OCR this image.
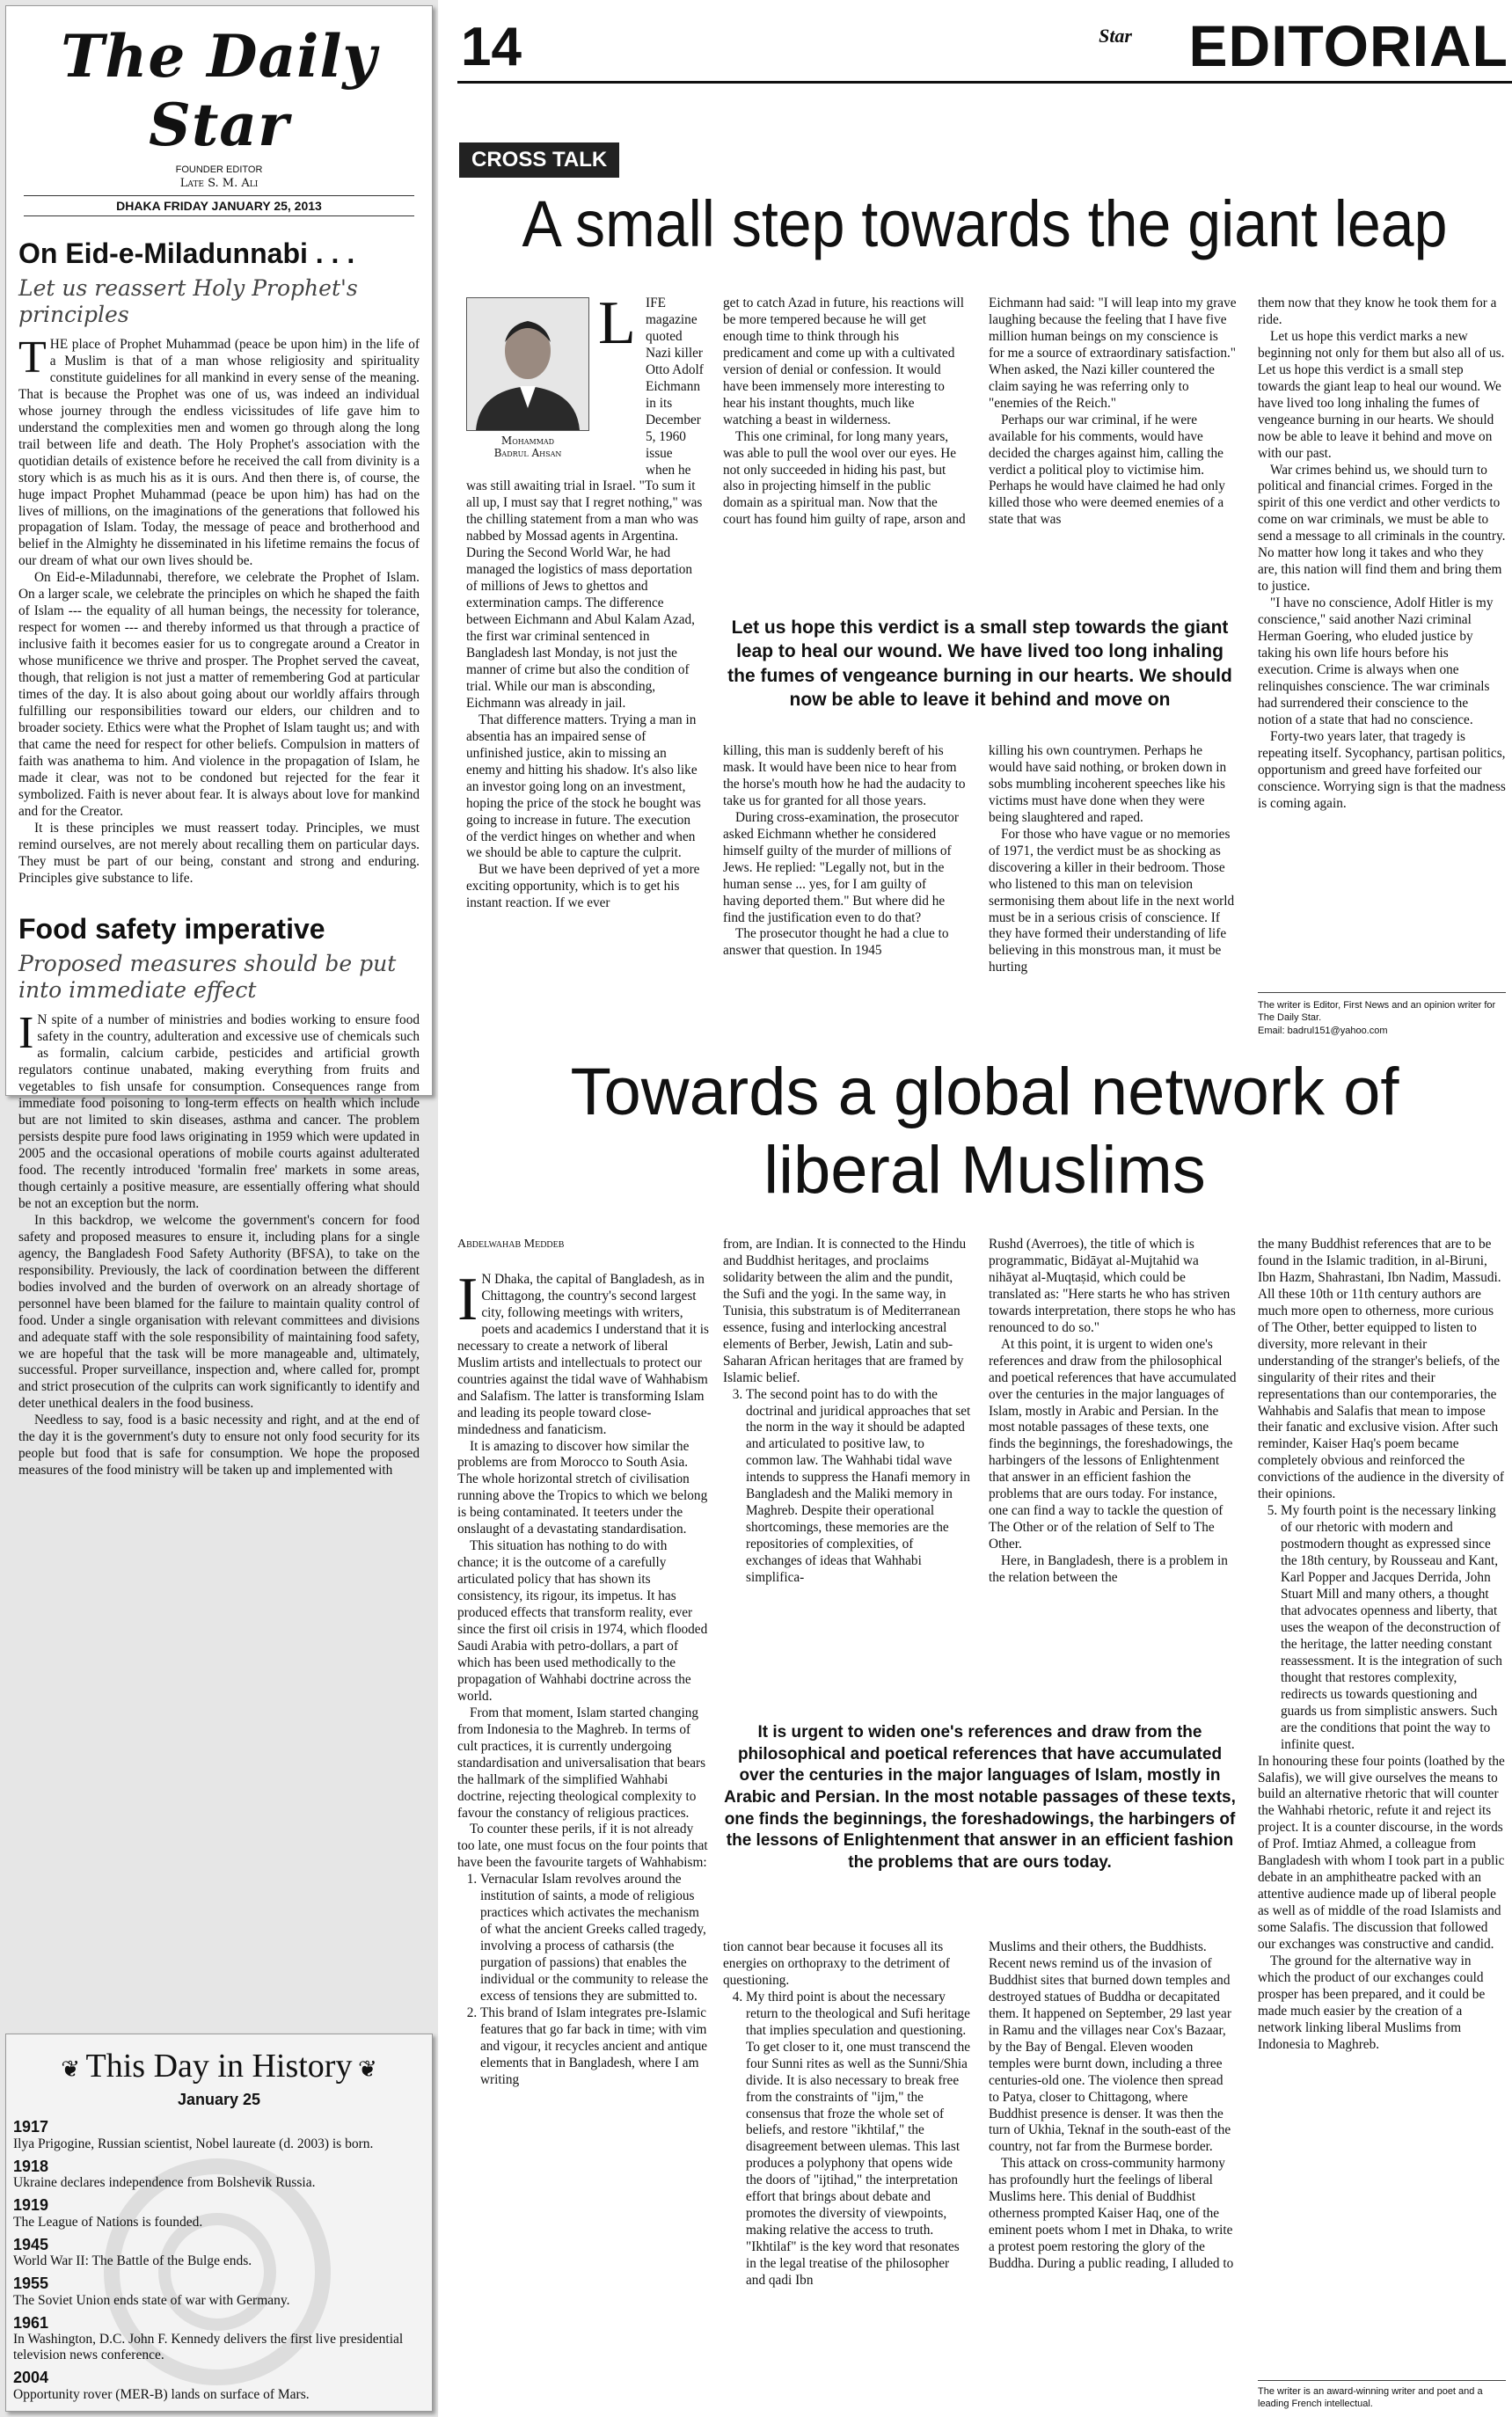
The Daily Star
FOUNDER EDITOR
Late S. M. Ali
DHAKA FRIDAY JANUARY 25, 2013
On Eid-e-Miladunnabi . . .
Let us reassert Holy Prophet's principles
T HE place of Prophet Muhammad (peace be upon him) in the life of a Muslim is that of a man whose religiosity and spirituality constitute guidelines for all mankind in every sense of the meaning. That is because the Prophet was one of us, was indeed an individual whose journey through the endless vicissitudes of life gave him to understand the complexities men and women go through along the long trail between life and death. The Holy Prophet's association with the quotidian details of existence before he received the call from divinity is a story which is as much his as it is ours. And then there is, of course, the huge impact Prophet Muhammad (peace be upon him) has had on the lives of millions, on the imaginations of the generations that followed his propagation of Islam. Today, the message of peace and brotherhood and belief in the Almighty he disseminated in his lifetime remains the focus of our dream of what our own lives should be.

On Eid-e-Miladunnabi, therefore, we celebrate the Prophet of Islam. On a larger scale, we celebrate the principles on which he shaped the faith of Islam --- the equality of all human beings, the necessity for tolerance, respect for women --- and thereby informed us that through a practice of inclusive faith it becomes easier for us to congregate around a Creator in whose munificence we thrive and prosper. The Prophet served the caveat, though, that religion is not just a matter of remembering God at particular times of the day. It is also about going about our worldly affairs through fulfilling our responsibilities toward our elders, our children and to broader society. Ethics were what the Prophet of Islam taught us; and with that came the need for respect for other beliefs. Compulsion in matters of faith was anathema to him. And violence in the propagation of Islam, he made it clear, was not to be condoned but rejected for the fear it symbolized. Faith is never about fear. It is always about love for mankind and for the Creator.

It is these principles we must reassert today. Principles, we must remind ourselves, are not merely about recalling them on particular days. They must be part of our being, constant and strong and enduring. Principles give substance to life.

Food safety imperative
Proposed measures should be put into immediate effect
I N spite of a number of ministries and bodies working to ensure food safety in the country, adulteration and excessive use of chemicals such as formalin, calcium carbide, pesticides and artificial growth regulators continue unabated, making everything from fruits and vegetables to fish unsafe for consumption. Consequences range from immediate food poisoning to long-term effects on health which include but are not limited to skin diseases, asthma and cancer. The problem persists despite pure food laws originating in 1959 which were updated in 2005 and the occasional operations of mobile courts against adulterated food. The recently introduced 'formalin free' markets in some areas, though certainly a positive measure, are essentially offering what should be not an exception but the norm.

In this backdrop, we welcome the government's concern for food safety and proposed measures to ensure it, including plans for a single agency, the Bangladesh Food Safety Authority (BFSA), to take on the responsibility. Previously, the lack of coordination between the different bodies involved and the burden of overwork on an already shortage of personnel have been blamed for the failure to maintain quality control of food. Under a single organisation with relevant committees and divisions and adequate staff with the sole responsibility of maintaining food safety, we are hopeful that the task will be more manageable and, ultimately, successful. Proper surveillance, inspection and, where called for, prompt and strict prosecution of the culprits can work significantly to identify and deter unethical dealers in the food business.

Needless to say, food is a basic necessity and right, and at the end of the day it is the government's duty to ensure not only food security for its people but food that is safe for consumption. We hope the proposed measures of the food ministry will be taken up and implemented with

❦ This Day in History ❦
January 25
1917
Ilya Prigogine, Russian scientist, Nobel laureate (d. 2003) is born.
1918
Ukraine declares independence from Bolshevik Russia.
1919
The League of Nations is founded.
1945
World War II: The Battle of the Bulge ends.
1955
The Soviet Union ends state of war with Germany.
1961
In Washington, D.C. John F. Kennedy delivers the first live presidential television news conference.
2004
Opportunity rover (MER-B) lands on surface of Mars.
14	Star EDITORIAL
CROSS TALK
A small step towards the giant leap
Mohammad
Badrul Ahsan
L IFE magazine quoted Nazi killer Otto Adolf Eichmann in its December 5, 1960 issue when he was still awaiting trial in Israel. "To sum it all up, I must say that I regret nothing," was the chilling statement from a man who was nabbed by Mossad agents in Argentina. During the Second World War, he had managed the logistics of mass deportation of millions of Jews to ghettos and extermination camps. The difference between Eichmann and Abul Kalam Azad, the first war criminal sentenced in Bangladesh last Monday, is not just the manner of crime but also the condition of trial. While our man is absconding, Eichmann was already in jail.

That difference matters. Trying a man in absentia has an impaired sense of unfinished justice, akin to missing an enemy and hitting his shadow. It's also like an investor going long on an investment, hoping the price of the stock he bought was going to increase in future. The execution of the verdict hinges on whether and when we should be able to capture the culprit.

But we have been deprived of yet a more exciting opportunity, which is to get his instant reaction. If we ever

get to catch Azad in future, his reactions will be more tempered because he will get enough time to think through his predicament and come up with a cultivated version of denial or confession. It would have been immensely more interesting to hear his instant thoughts, much like watching a beast in wilderness.

This one criminal, for long many years, was able to pull the wool over our eyes. He not only succeeded in hiding his past, but also in projecting himself in the public domain as a spiritual man. Now that the court has found him guilty of rape, arson and

Eichmann had said: "I will leap into my grave laughing because the feeling that I have five million human beings on my conscience is for me a source of extraordinary satisfaction." When asked, the Nazi killer countered the claim saying he was referring only to "enemies of the Reich."

Perhaps our war criminal, if he were available for his comments, would have decided the charges against him, calling the verdict a political ploy to victimise him. Perhaps he would have claimed he had only killed those who were deemed enemies of a state that was

Let us hope this verdict is a small step towards the giant leap to heal our wound. We have lived too long inhaling the fumes of vengeance burning in our hearts. We should now be able to leave it behind and move on

killing, this man is suddenly bereft of his mask. It would have been nice to hear from the horse's mouth how he had the audacity to take us for granted for all those years.

During cross-examination, the prosecutor asked Eichmann whether he considered himself guilty of the murder of millions of Jews. He replied: "Legally not, but in the human sense ... yes, for I am guilty of having deported them." But where did he find the justification even to do that?

The prosecutor thought he had a clue to answer that question. In 1945

killing his own countrymen. Perhaps he would have said nothing, or broken down in sobs mumbling incoherent speeches like his victims must have done when they were being slaughtered and raped.

For those who have vague or no memories of 1971, the verdict must be as shocking as discovering a killer in their bedroom. Those who listened to this man on television sermonising them about life in the next world must be in a serious crisis of conscience. If they have formed their understanding of life believing in this monstrous man, it must be hurting

them now that they know he took them for a ride.

Let us hope this verdict marks a new beginning not only for them but also all of us. Let us hope this verdict is a small step towards the giant leap to heal our wound. We have lived too long inhaling the fumes of vengeance burning in our hearts. We should now be able to leave it behind and move on with our past.

War crimes behind us, we should turn to political and financial crimes. Forged in the spirit of this one verdict and other verdicts to come on war criminals, we must be able to send a message to all criminals in the country. No matter how long it takes and who they are, this nation will find them and bring them to justice.

"I have no conscience, Adolf Hitler is my conscience," said another Nazi criminal Herman Goering, who eluded justice by taking his own life hours before his execution. Crime is always when one relinquishes conscience. The war criminals had surrendered their conscience to the notion of a state that had no conscience.

Forty-two years later, that tragedy is repeating itself. Sycophancy, partisan politics, opportunism and greed have forfeited our conscience. Worrying sign is that the madness is coming again.

The writer is Editor, First News and an opinion writer for The Daily Star.
Email: badrul151@yahoo.com
Towards a global network of
liberal Muslims
Abdelwahab Meddeb
I N Dhaka, the capital of Bangladesh, as in Chittagong, the country's second largest city, following meetings with writers, poets and academics I understand that it is necessary to create a network of liberal Muslim artists and intellectuals to protect our countries against the tidal wave of Wahhabism and Salafism. The latter is transforming Islam and leading its people toward close-mindedness and fanaticism.

It is amazing to discover how similar the problems are from Morocco to South Asia. The whole horizontal stretch of civilisation running above the Tropics to which we belong is being contaminated. It teeters under the onslaught of a devastating standardisation.

This situation has nothing to do with chance; it is the outcome of a carefully articulated policy that has shown its consistency, its rigour, its impetus. It has produced effects that transform reality, ever since the first oil crisis in 1974, which flooded Saudi Arabia with petro-dollars, a part of which has been used methodically to the propagation of Wahhabi doctrine across the world.

From that moment, Islam started changing from Indonesia to the Maghreb. In terms of cult practices, it is currently undergoing standardisation and universalisation that bears the hallmark of the simplified Wahhabi doctrine, rejecting theological complexity to favour the constancy of religious practices.

To counter these perils, if it is not already too late, one must focus on the four points that have been the favourite targets of Wahhabism:

1. Vernacular Islam revolves around the institution of saints, a mode of religious practices which activates the mechanism of what the ancient Greeks called tragedy, involving a process of catharsis (the purgation of passions) that enables the individual or the community to release the excess of tensions they are submitted to.
2. This brand of Islam integrates pre-Islamic features that go far back in time; with vim and vigour, it recycles ancient and antique elements that in Bangladesh, where I am writing

from, are Indian. It is connected to the Hindu and Buddhist heritages, and proclaims solidarity between the alim and the pundit, the Sufi and the yogi. In the same way, in Tunisia, this substratum is of Mediterranean essence, fusing and interlocking ancestral elements of Berber, Jewish, Latin and sub-Saharan African heritages that are framed by Islamic belief.

3. The second point has to do with the doctrinal and juridical approaches that set the norm in the way it should be adapted and articulated to positive law, to common law. The Wahhabi tidal wave intends to suppress the Hanafi memory in Bangladesh and the Maliki memory in Maghreb. Despite their operational shortcomings, these memories are the repositories of complexities, of exchanges of ideas that Wahhabi simplifica-

Rushd (Averroes), the title of which is programmatic, Bidāyat al-Mujtahid wa nihāyat al-Muqtaṣid, which could be translated as: "Here starts he who has striven towards interpretation, there stops he who has renounced to do so."

At this point, it is urgent to widen one's references and draw from the philosophical and poetical references that have accumulated over the centuries in the major languages of Islam, mostly in Arabic and Persian. In the most notable passages of these texts, one finds the beginnings, the foreshadowings, the harbingers of the lessons of Enlightenment that answer in an efficient fashion the problems that are ours today. For instance, one can find a way to tackle the question of The Other or of the relation of Self to The Other.

Here, in Bangladesh, there is a problem in the relation between the

It is urgent to widen one's references and draw from the philosophical and poetical references that have accumulated over the centuries in the major languages of Islam, mostly in Arabic and Persian. In the most notable passages of these texts, one finds the beginnings, the foreshadowings, the harbingers of the lessons of Enlightenment that answer in an efficient fashion the problems that are ours today.

tion cannot bear because it focuses all its energies on orthopraxy to the detriment of questioning.

4. My third point is about the necessary return to the theological and Sufi heritage that implies speculation and questioning. To get closer to it, one must transcend the four Sunni rites as well as the Sunni/Shia divide. It is also necessary to break free from the constraints of "ijm," the consensus that froze the whole set of beliefs, and restore "ikhtilaf," the disagreement between ulemas. This last produces a polyphony that opens wide the doors of "ijtihad," the interpretation effort that brings about debate and promotes the diversity of viewpoints, making relative the access to truth. "Ikhtilaf" is the key word that resonates in the legal treatise of the philosopher and qadi Ibn

Muslims and their others, the Buddhists. Recent news remind us of the invasion of Buddhist sites that burned down temples and destroyed statues of Buddha or decapitated them. It happened on September, 29 last year in Ramu and the villages near Cox's Bazaar, by the Bay of Bengal. Eleven wooden temples were burnt down, including a three centuries-old one. The violence then spread to Patya, closer to Chittagong, where Buddhist presence is denser. It was then the turn of Ukhia, Teknaf in the south-east of the country, not far from the Burmese border.

This attack on cross-community harmony has profoundly hurt the feelings of liberal Muslims here. This denial of Buddhist otherness prompted Kaiser Haq, one of the eminent poets whom I met in Dhaka, to write a protest poem restoring the glory of the Buddha. During a public reading, I alluded to

the many Buddhist references that are to be found in the Islamic tradition, in al-Biruni, Ibn Hazm, Shahrastani, Ibn Nadim, Massudi. All these 10th or 11th century authors are much more open to otherness, more curious of The Other, better equipped to listen to diversity, more relevant in their understanding of the stranger's beliefs, of the singularity of their rites and their representations than our contemporaries, the Wahhabis and Salafis that mean to impose their fanatic and exclusive vision. After such reminder, Kaiser Haq's poem became completely obvious and reinforced the convictions of the audience in the diversity of their opinions.

5. My fourth point is the necessary linking of our rhetoric with modern and postmodern thought as expressed since the 18th century, by Rousseau and Kant, Karl Popper and Jacques Derrida, John Stuart Mill and many others, a thought that advocates openness and liberty, that uses the weapon of the deconstruction of the heritage, the latter needing constant reassessment. It is the integration of such thought that restores complexity, redirects us towards questioning and guards us from simplistic answers. Such are the conditions that point the way to infinite quest.

In honouring these four points (loathed by the Salafis), we will give ourselves the means to build an alternative rhetoric that will counter the Wahhabi rhetoric, refute it and reject its project. It is a counter discourse, in the words of Prof. Imtiaz Ahmed, a colleague from Bangladesh with whom I took part in a public debate in an amphitheatre packed with an attentive audience made up of liberal people as well as of middle of the road Islamists and some Salafis. The discussion that followed our exchanges was constructive and candid.

The ground for the alternative way in which the product of our exchanges could prosper has been prepared, and it could be made much easier by the creation of a network linking liberal Muslims from Indonesia to Maghreb.

The writer is an award-winning writer and poet and a leading French intellectual.
